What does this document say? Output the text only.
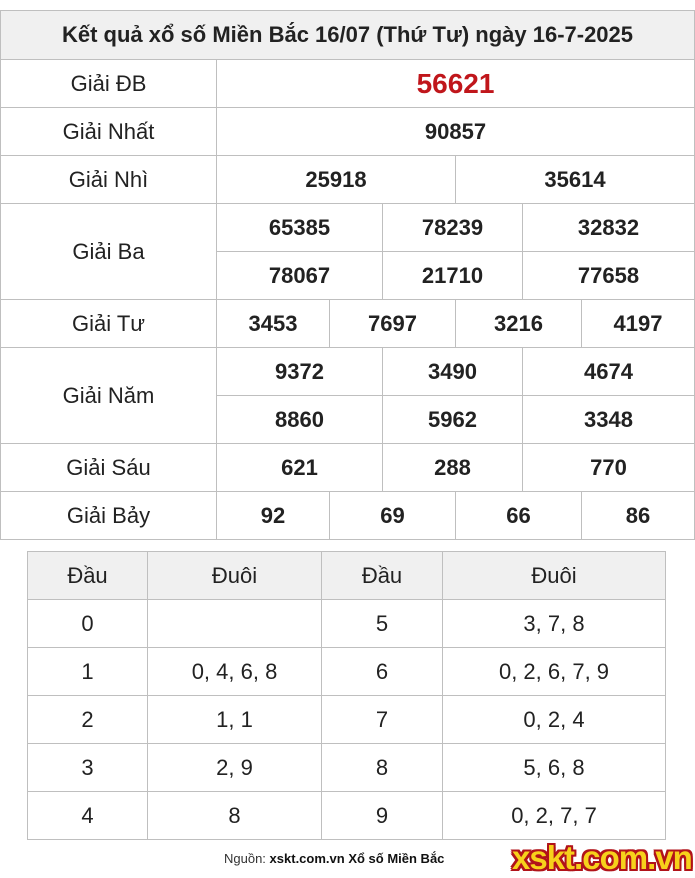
Kết quả xổ số Miền Bắc 16/07 (Thứ Tư) ngày 16-7-2025						
Giải ĐB	56621					
Giải Nhất	90857					
Giải Nhì	25918			35614		
Giải Ba	65385		78239		32832	
	78067		21710		77658	
Giải Tư	3453	7697		3216		4197
Giải Năm	9372		3490		4674	
	8860		5962		3348	
Giải Sáu	621		288		770	
Giải Bảy	92	69		66		86
Đầu	Đuôi	Đầu	Đuôi
0		5	3, 7, 8
1	0, 4, 6, 8	6	0, 2, 6, 7, 9
2	1, 1	7	0, 2, 4
3	2, 9	8	5, 6, 8
4	8	9	0, 2, 7, 7
Nguồn: xskt.com.vn Xổ số Miền Bắc xskt.com.vn
